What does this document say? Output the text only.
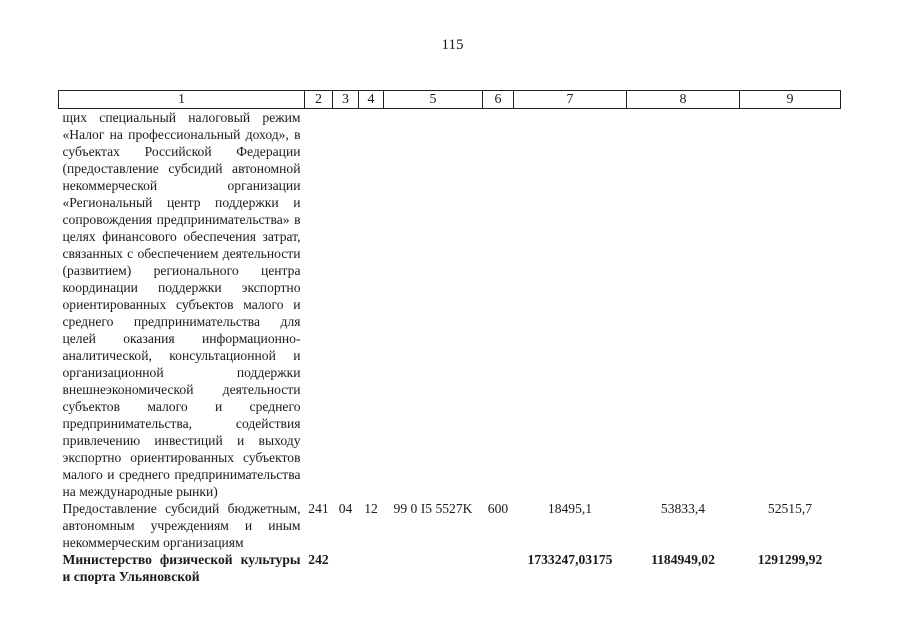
115
1	2	3	4	5	6	7	8	9
щих специальный налоговый режим «Налог на профессиональный доход», в субъектах Российской Федерации (предоставление субсидий автономной некоммерческой организации «Региональный центр поддержки и сопровождения предпринимательства» в целях финансового обеспечения затрат, связанных с обеспечением деятельности (развитием) регионального центра координации поддержки экспортно ориентированных субъектов малого и среднего предпринимательства для целей оказания информационно-аналитической, консультационной и организационной поддержки внешнеэкономической деятельности субъектов малого и среднего предпринимательства, содействия привлечению инвестиций и выходу экспортно ориентированных субъектов малого и среднего предпринимательства на международные рынки)								
Предоставление субсидий бюджетным, автономным учреждениям и иным некоммерческим организациям	241	04	12	99 0 I5 5527K	600	18495,1	53833,4	52515,7
Министерство физической культуры и спорта Ульяновской	242					1733247,03175	1184949,02	1291299,92
